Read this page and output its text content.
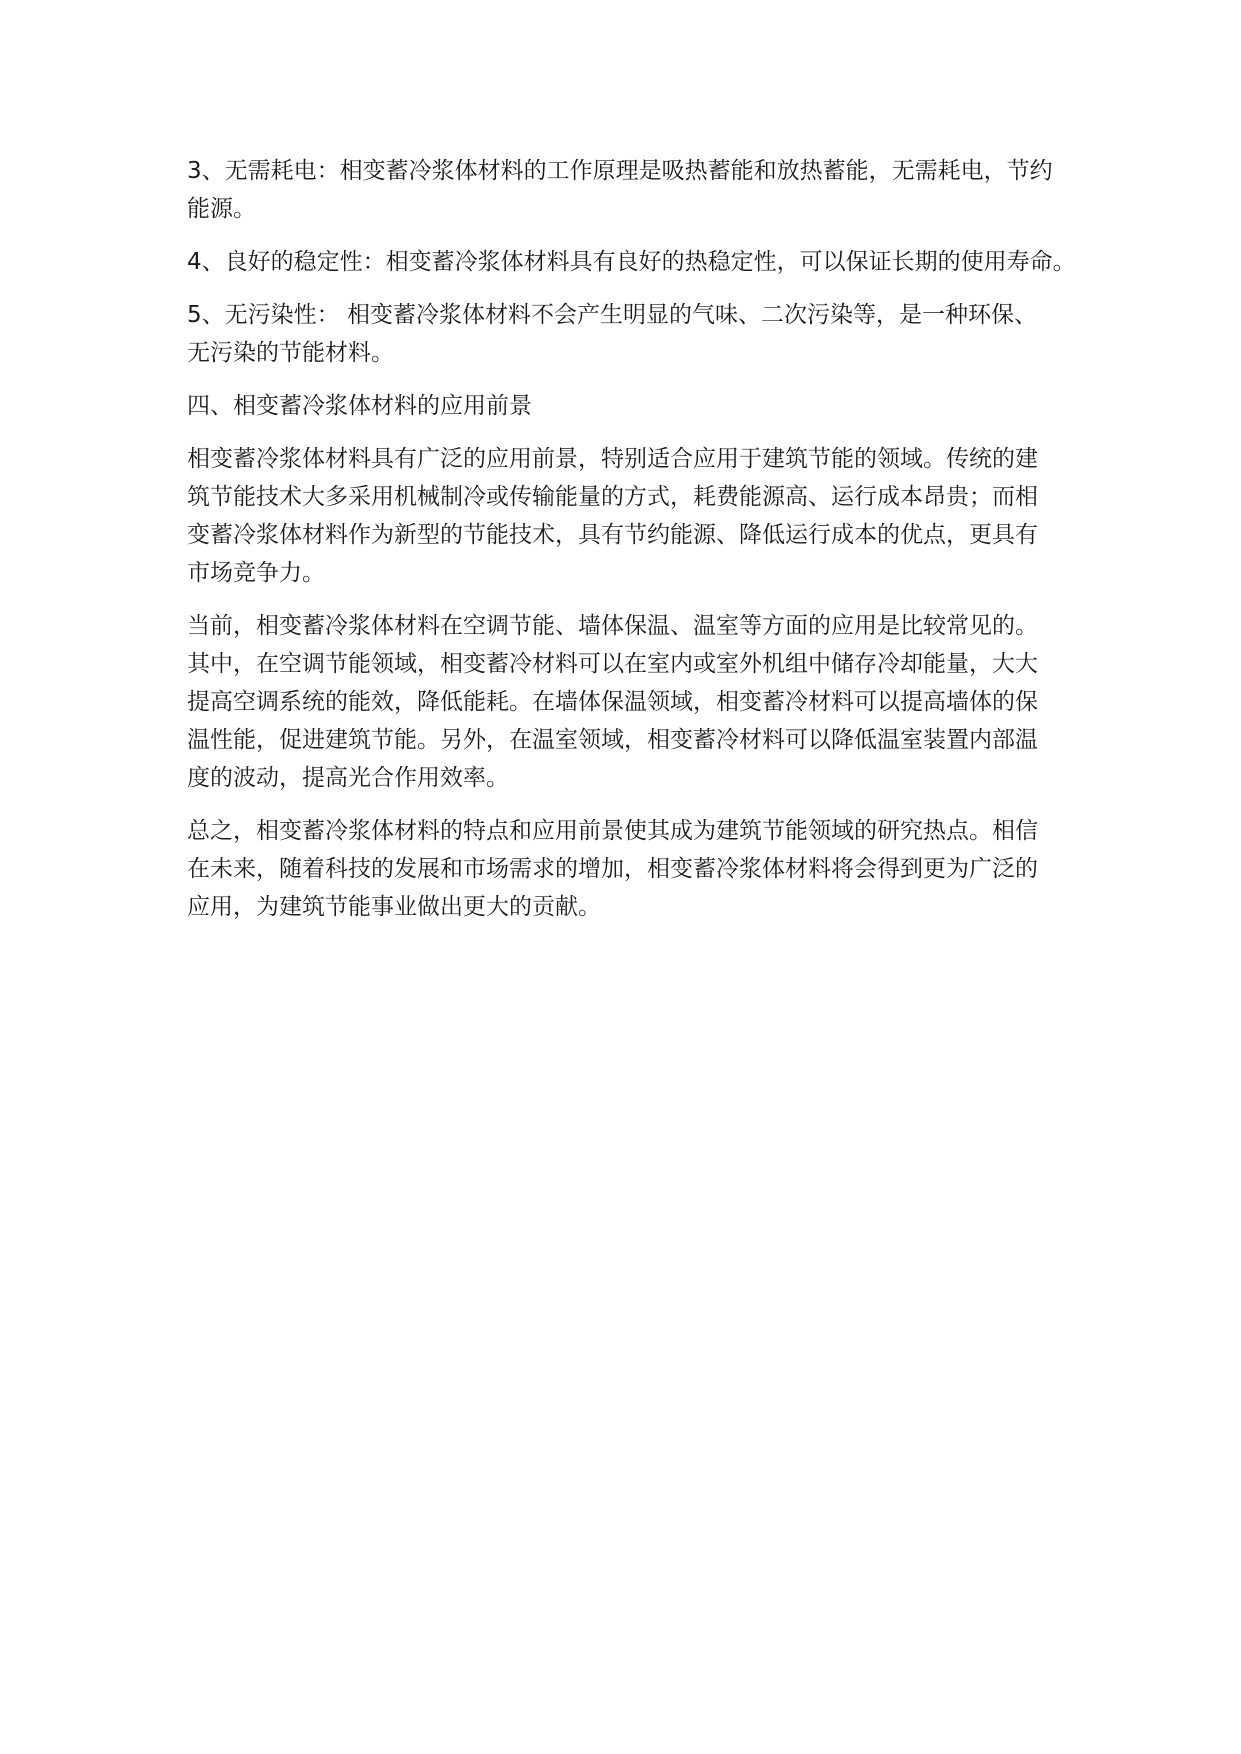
3、无需耗电：相变蓄冷浆体材料的工作原理是吸热蓄能和放热蓄能，无需耗电，节约
能源。

4、良好的稳定性：相变蓄冷浆体材料具有良好的热稳定性，可以保证长期的使用寿命。

5、无污染性： 相变蓄冷浆体材料不会产生明显的气味、二次污染等，是一种环保、
无污染的节能材料。

四、相变蓄冷浆体材料的应用前景

相变蓄冷浆体材料具有广泛的应用前景，特别适合应用于建筑节能的领域。传统的建
筑节能技术大多采用机械制冷或传输能量的方式，耗费能源高、运行成本昂贵；而相
变蓄冷浆体材料作为新型的节能技术，具有节约能源、降低运行成本的优点，更具有
市场竞争力。

当前，相变蓄冷浆体材料在空调节能、墙体保温、温室等方面的应用是比较常见的。
其中，在空调节能领域，相变蓄冷材料可以在室内或室外机组中储存冷却能量，大大
提高空调系统的能效，降低能耗。在墙体保温领域，相变蓄冷材料可以提高墙体的保
温性能，促进建筑节能。另外，在温室领域，相变蓄冷材料可以降低温室装置内部温
度的波动，提高光合作用效率。

总之，相变蓄冷浆体材料的特点和应用前景使其成为建筑节能领域的研究热点。相信
在未来，随着科技的发展和市场需求的增加，相变蓄冷浆体材料将会得到更为广泛的
应用，为建筑节能事业做出更大的贡献。
